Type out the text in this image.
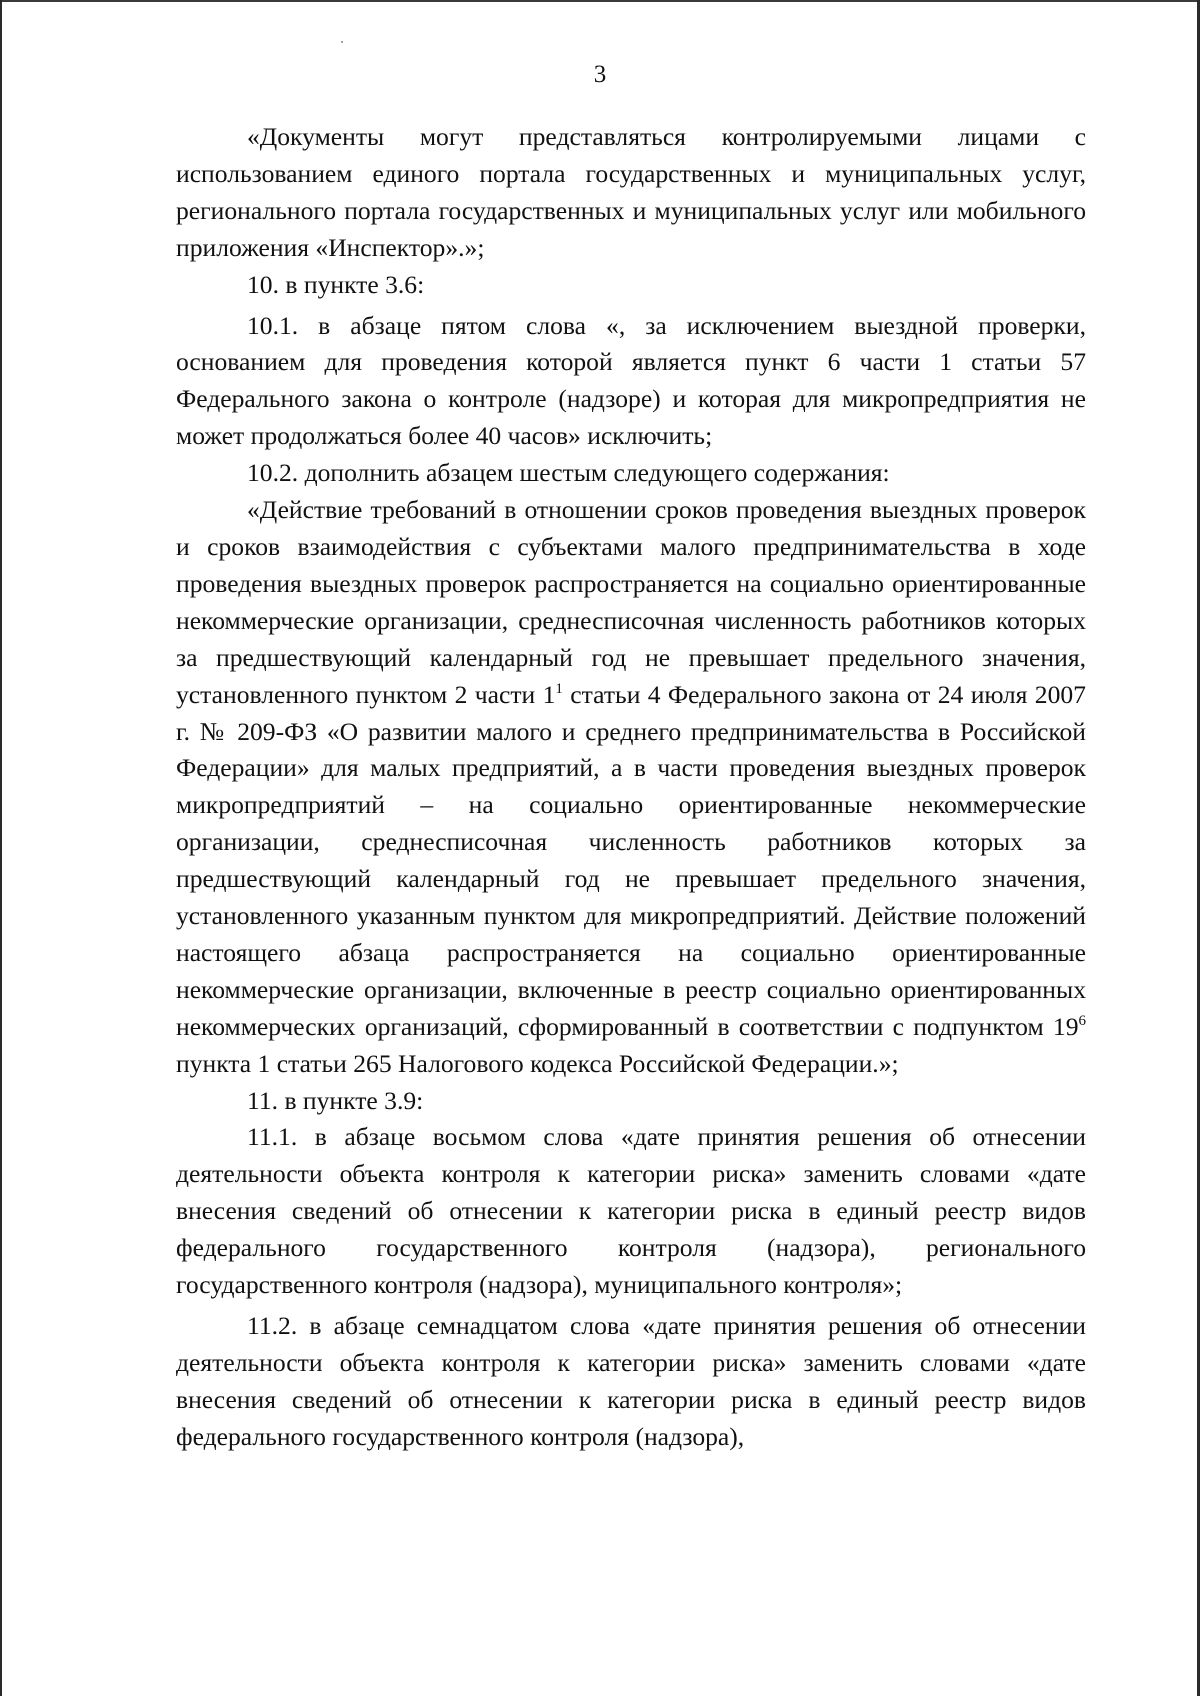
3

«Документы могут представляться контролируемыми лицами с использованием единого портала государственных и муниципальных услуг, регионального портала государственных и муниципальных услуг или мобильного приложения «Инспектор».»;

10. в пункте 3.6:

10.1. в абзаце пятом слова «, за исключением выездной проверки, основанием для проведения которой является пункт 6 части 1 статьи 57 Федерального закона о контроле (надзоре) и которая для микропредприятия не может продолжаться более 40 часов» исключить;

10.2. дополнить абзацем шестым следующего содержания:

«Действие требований в отношении сроков проведения выездных проверок и сроков взаимодействия с субъектами малого предпринимательства в ходе проведения выездных проверок распространяется на социально ориентированные некоммерческие организации, среднесписочная численность работников которых за предшествующий календарный год не превышает предельного значения, установленного пунктом 2 части $1^1$ статьи 4 Федерального закона от 24 июля 2007 г. № 209-ФЗ «О развитии малого и среднего предпринимательства в Российской Федерации» для малых предприятий, а в части проведения выездных проверок микропредприятий – на социально ориентированные некоммерческие организации, среднесписочная численность работников которых за предшествующий календарный год не превышает предельного значения, установленного указанным пунктом для микропредприятий. Действие положений настоящего абзаца распространяется на социально ориентированные некоммерческие организации, включенные в реестр социально ориентированных некоммерческих организаций, сформированный в соответствии с подпунктом $19^6$ пункта 1 статьи 265 Налогового кодекса Российской Федерации.»;

11. в пункте 3.9:

11.1. в абзаце восьмом слова «дате принятия решения об отнесении деятельности объекта контроля к категории риска» заменить словами «дате внесения сведений об отнесении к категории риска в единый реестр видов федерального государственного контроля (надзора), регионального государственного контроля (надзора), муниципального контроля»;

11.2. в абзаце семнадцатом слова «дате принятия решения об отнесении деятельности объекта контроля к категории риска» заменить словами «дате внесения сведений об отнесении к категории риска в единый реестр видов федерального государственного контроля (надзора),
